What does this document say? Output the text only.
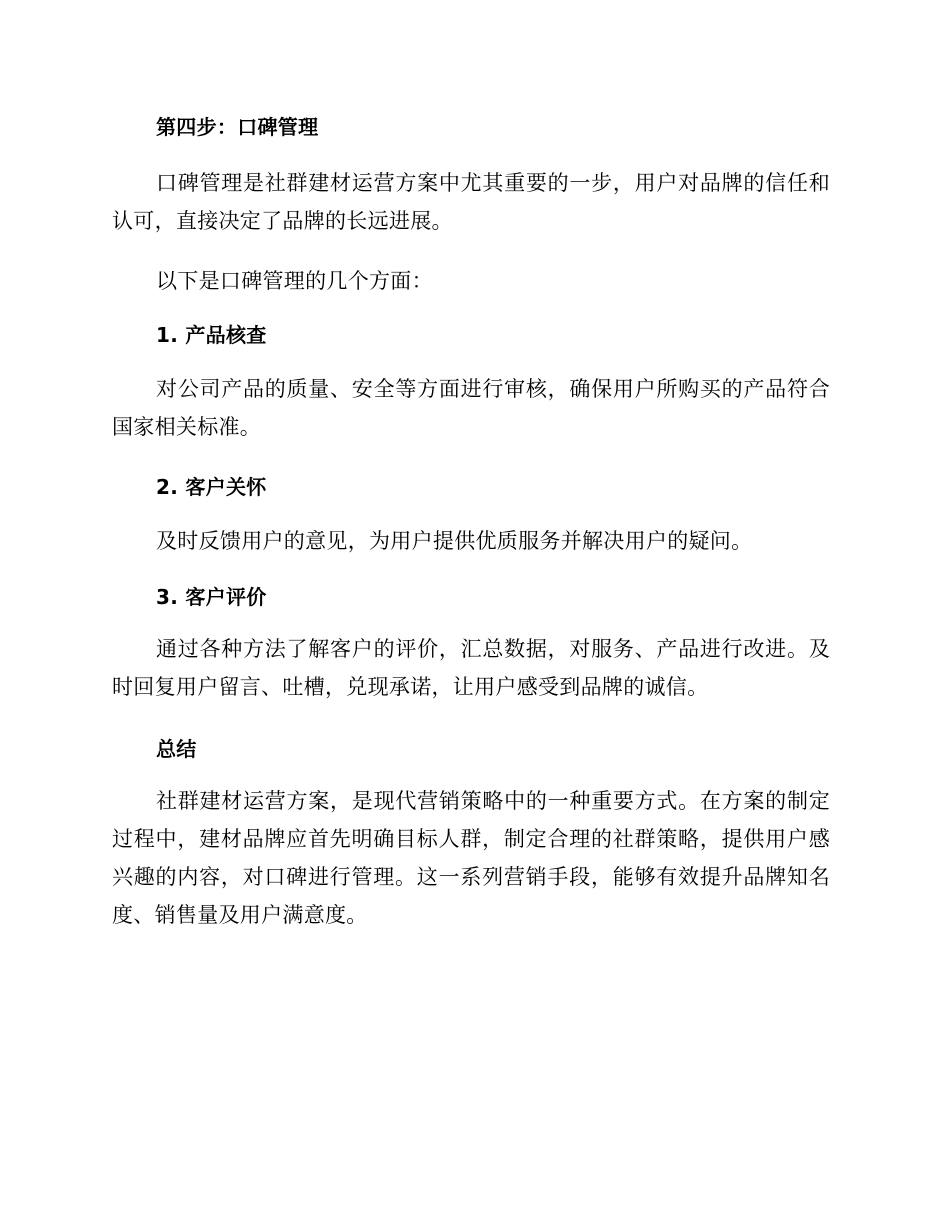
第四步：口碑管理

口碑管理是社群建材运营方案中尤其重要的一步，用户对品牌的信任和认可，直接决定了品牌的长远进展。

以下是口碑管理的几个方面：

1. 产品核查

对公司产品的质量、安全等方面进行审核，确保用户所购买的产品符合国家相关标准。

2. 客户关怀

及时反馈用户的意见，为用户提供优质服务并解决用户的疑问。

3. 客户评价

通过各种方法了解客户的评价，汇总数据，对服务、产品进行改进。及时回复用户留言、吐槽，兑现承诺，让用户感受到品牌的诚信。

总结

社群建材运营方案，是现代营销策略中的一种重要方式。在方案的制定过程中，建材品牌应首先明确目标人群，制定合理的社群策略，提供用户感兴趣的内容，对口碑进行管理。这一系列营销手段，能够有效提升品牌知名度、销售量及用户满意度。
